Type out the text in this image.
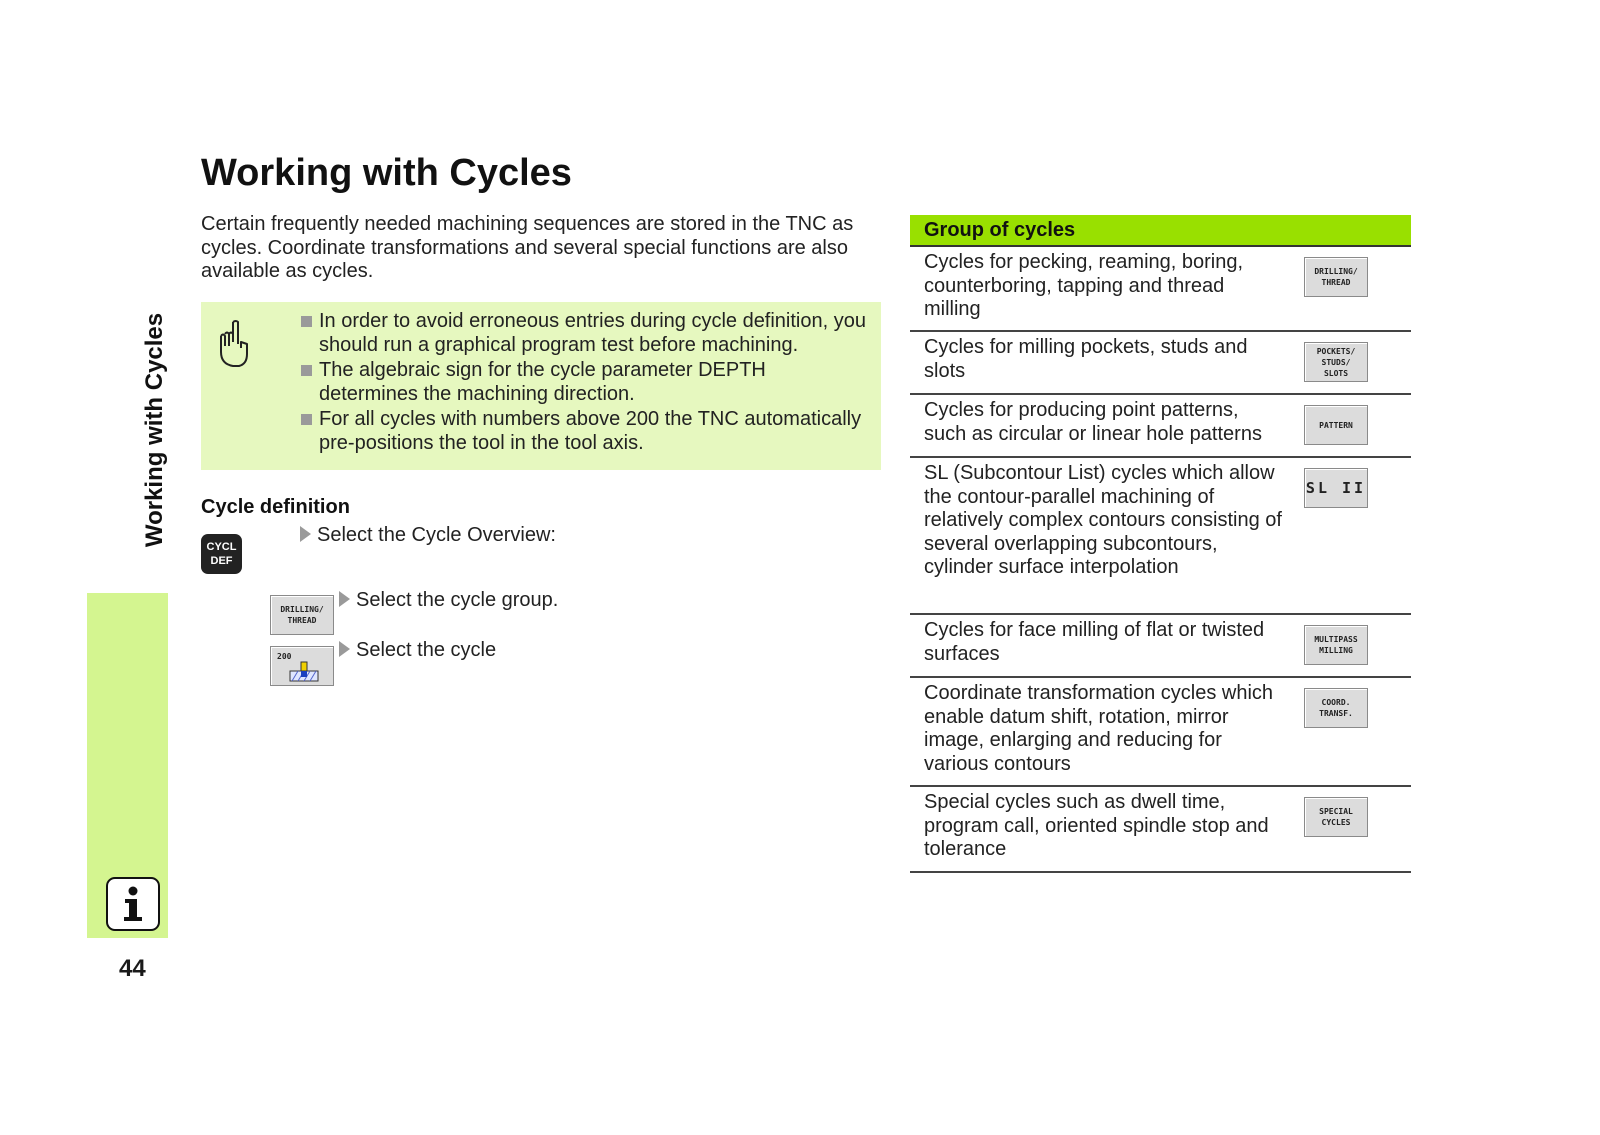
Working with Cycles
44
Working with Cycles
Certain frequently needed machining sequences are stored in the TNC as cycles. Coordinate transformations and several special functions are also available as cycles.
In order to avoid erroneous entries during cycle definition, you should run a graphical program test before machining.
The algebraic sign for the cycle parameter DEPTH determines the machining direction.
For all cycles with numbers above 200 the TNC automatically pre-positions the tool in the tool axis.
Cycle definition
CYCL
DEF
Select the Cycle Overview:
DRILLING/
THREAD
Select the cycle group.
200	Select the cycle
Group of cycles
Cycles for pecking, reaming, boring, counterboring, tapping and thread milling
DRILLING/
THREAD
Cycles for milling pockets, studs and slots
POCKETS/
STUDS/
SLOTS
Cycles for producing point patterns, such as circular or linear hole patterns	PATTERN
SL (Subcontour List) cycles which allow the contour-parallel machining of relatively complex contours consisting of several overlapping subcontours, cylinder surface interpolation
SL II
Cycles for face milling of flat or twisted surfaces
MULTIPASS
MILLING
Coordinate transformation cycles which enable datum shift, rotation, mirror image, enlarging and reducing for various contours
COORD.
TRANSF.
Special cycles such as dwell time, program call, oriented spindle stop and tolerance
SPECIAL
CYCLES
